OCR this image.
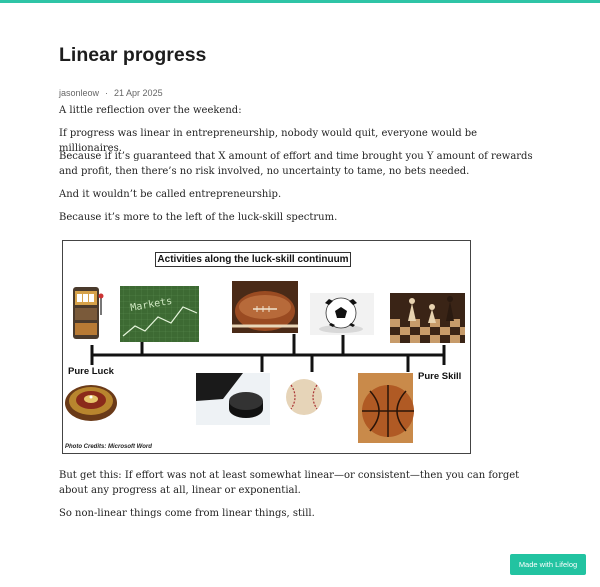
Linear progress
jasonleow · 21 Apr 2025
A little reflection over the weekend:
If progress was linear in entrepreneurship, nobody would quit, everyone would be millionaires.
Because if it’s guaranteed that X amount of effort and time brought you Y amount of rewards and profit, then there’s no risk involved, no uncertainty to tame, no bets needed.
And it wouldn’t be called entrepreneurship.
Because it’s more to the left of the luck-skill spectrum.
Activities along the luck-skill continuum
Markets
Pure Luck	Pure Skill
Photo Credits: Microsoft Word
But get this: If effort was not at least somewhat linear—or consistent—then you can forget about any progress at all, linear or exponential.
So non-linear things come from linear things, still.
Made with Lifelog
